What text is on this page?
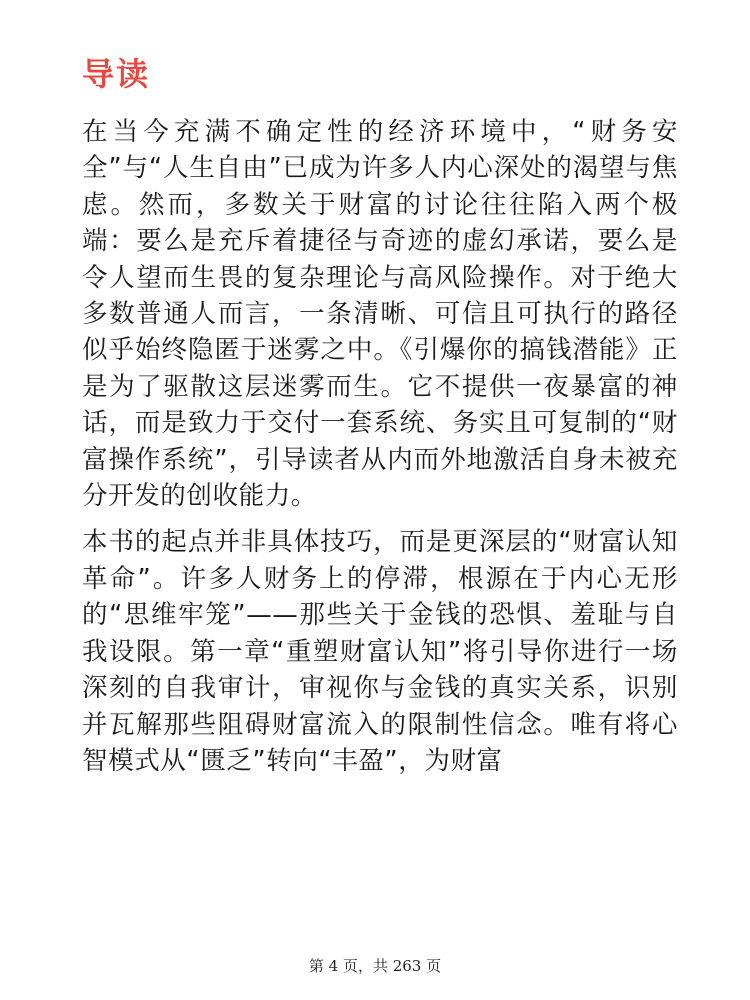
导读

在当今充满不确定性的经济环境中，“财务安全”与“人生自由”已成为许多人内心深处的渴望与焦虑。然而，多数关于财富的讨论往往陷入两个极端：要么是充斥着捷径与奇迹的虚幻承诺，要么是令人望而生畏的复杂理论与高风险操作。对于绝大多数普通人而言，一条清晰、可信且可执行的路径似乎始终隐匿于迷雾之中。《引爆你的搞钱潜能》正是为了驱散这层迷雾而生。它不提供一夜暴富的神话，而是致力于交付一套系统、务实且可复制的“财富操作系统”，引导读者从内而外地激活自身未被充分开发的创收能力。

本书的起点并非具体技巧，而是更深层的“财富认知革命”。许多人财务上的停滞，根源在于内心无形的“思维牢笼”——那些关于金钱的恐惧、羞耻与自我设限。第一章“重塑财富认知”将引导你进行一场深刻的自我审计，审视你与金钱的真实关系，识别并瓦解那些阻碍财富流入的限制性信念。唯有将心智模式从“匮乏”转向“丰盈”，为财富

第 4 页，共 263 页
